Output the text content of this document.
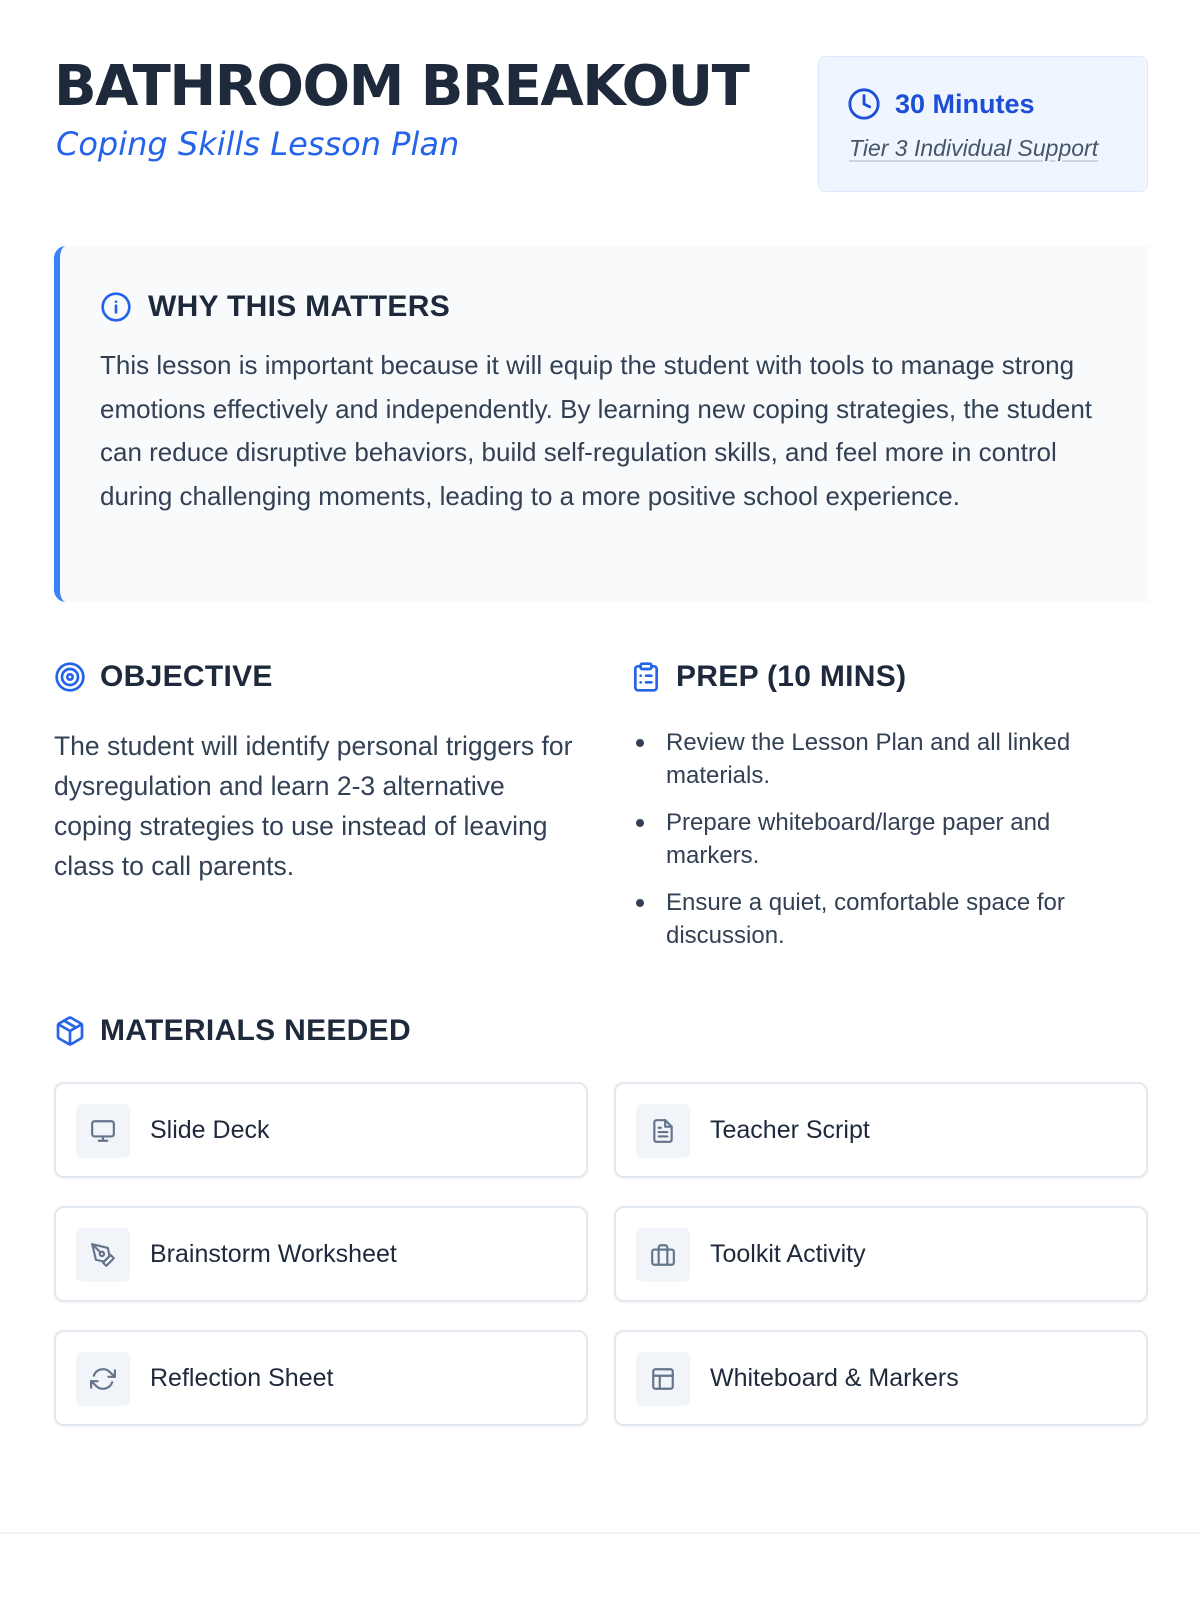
BATHROOM BREAKOUT
Coping Skills Lesson Plan
30 Minutes
Tier 3 Individual Support
WHY THIS MATTERS

This lesson is important because it will equip the student with tools to manage strong emotions effectively and independently. By learning new coping strategies, the student can reduce disruptive behaviors, build self-regulation skills, and feel more in control during challenging moments, leading to a more positive school experience.

OBJECTIVE

The student will identify personal triggers for dysregulation and learn 2-3 alternative coping strategies to use instead of leaving class to call parents.

PREP (10 MINS)
Review the Lesson Plan and all linked materials.
Prepare whiteboard/large paper and markers.
Ensure a quiet, comfortable space for discussion.
MATERIALS NEEDED
Slide Deck	Teacher Script
Brainstorm Worksheet	Toolkit Activity
Reflection Sheet	Whiteboard & Markers
